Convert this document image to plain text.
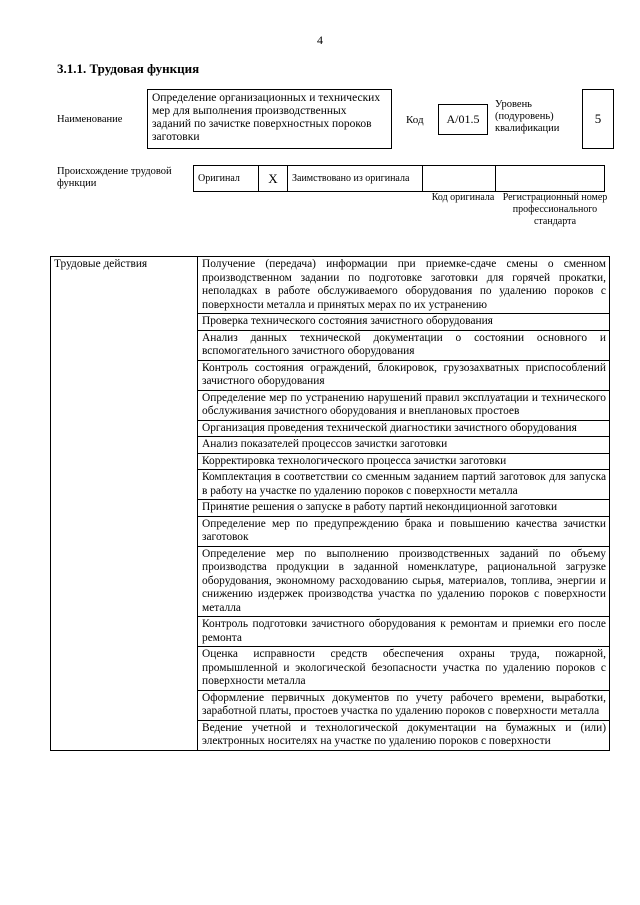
4
3.1.1. Трудовая функция
Наименование
Определение организационных и технических мер для выполнения производственных заданий по зачистке поверхностных пороков заготовки
Код	A/01.5
Уровень (подуровень) квалификации
5
Происхождение трудовой функции	Оригинал	X	Заимствовано из оригинала		
Код оригинала Регистрационный номер профессионального стандарта
Трудовые действия	Получение (передача) информации при приемке-сдаче смены о сменном производственном задании по подготовке заготовки для горячей прокатки, неполадках в работе обслуживаемого оборудования по удалению пороков с поверхности металла и принятых мерах по их устранению
Проверка технического состояния зачистного оборудования
Анализ данных технической документации о состоянии основного и вспомогательного зачистного оборудования
Контроль состояния ограждений, блокировок, грузозахватных приспособлений зачистного оборудования
Определение мер по устранению нарушений правил эксплуатации и технического обслуживания зачистного оборудования и внеплановых простоев
Организация проведения технической диагностики зачистного оборудования
Анализ показателей процессов зачистки заготовки
Корректировка технологического процесса зачистки заготовки
Комплектация в соответствии со сменным заданием партий заготовок для запуска в работу на участке по удалению пороков с поверхности металла
Принятие решения о запуске в работу партий некондиционной заготовки
Определение мер по предупреждению брака и повышению качества зачистки заготовок
Определение мер по выполнению производственных заданий по объему производства продукции в заданной номенклатуре, рациональной загрузке оборудования, экономному расходованию сырья, материалов, топлива, энергии и снижению издержек производства участка по удалению пороков с поверхности металла
Контроль подготовки зачистного оборудования к ремонтам и приемки его после ремонта
Оценка исправности средств обеспечения охраны труда, пожарной, промышленной и экологической безопасности участка по удалению пороков с поверхности металла
Оформление первичных документов по учету рабочего времени, выработки, заработной платы, простоев участка по удалению пороков с поверхности металла
Ведение учетной и технологической документации на бумажных и (или) электронных носителях на участке по удалению пороков с поверхности
